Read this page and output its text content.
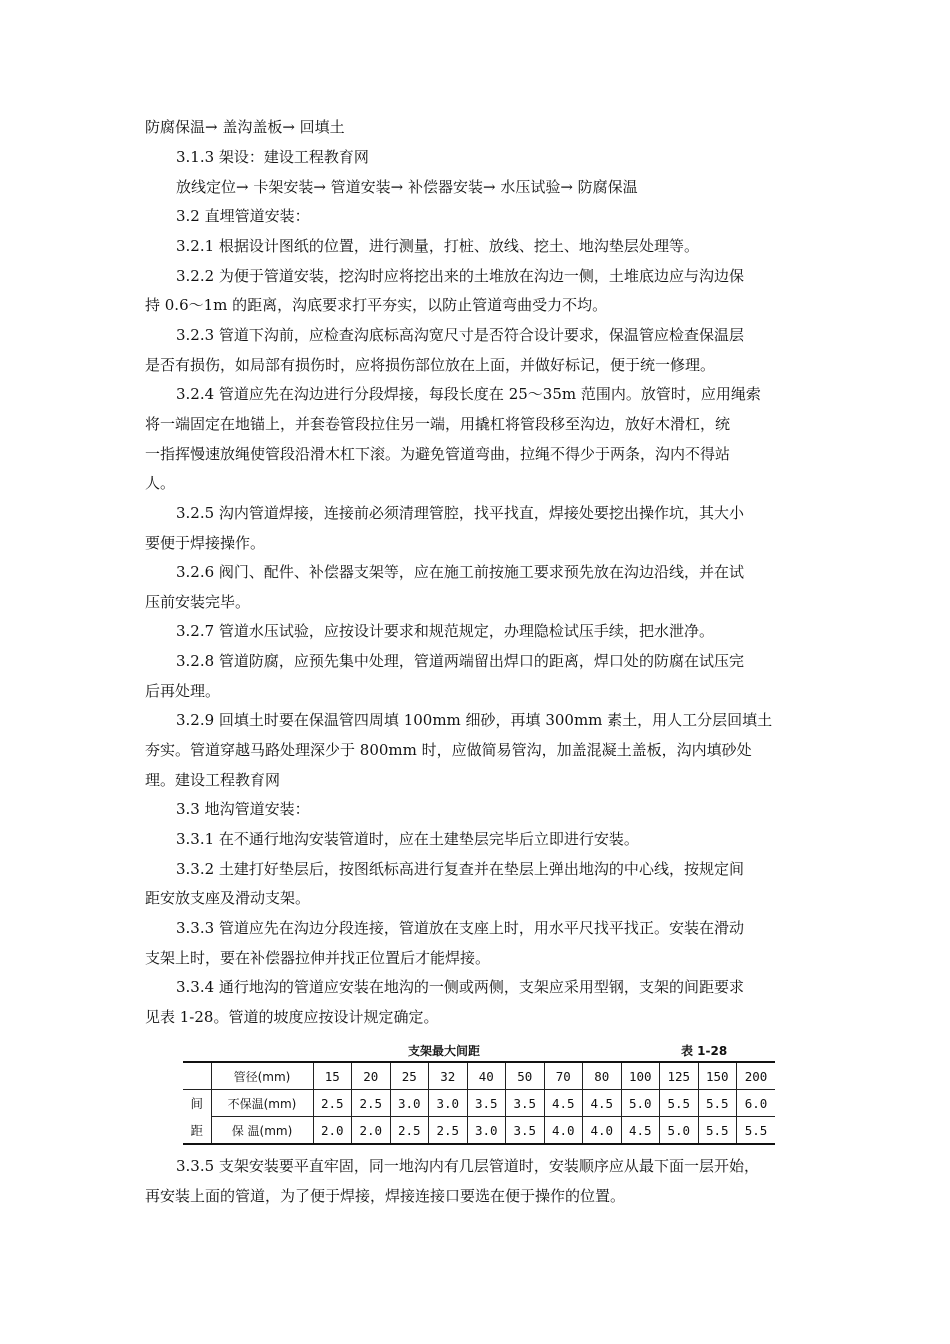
防腐保温→ 盖沟盖板→ 回填土
3.1.3 架设：建设工程教育网
放线定位→ 卡架安装→ 管道安装→ 补偿器安装→ 水压试验→ 防腐保温
3.2 直埋管道安装：
3.2.1 根据设计图纸的位置，进行测量，打桩、放线、挖土、地沟垫层处理等。
3.2.2 为便于管道安装，挖沟时应将挖出来的土堆放在沟边一侧，土堆底边应与沟边保
持 0.6～1m 的距离，沟底要求打平夯实，以防止管道弯曲受力不均。
3.2.3 管道下沟前，应检查沟底标高沟宽尺寸是否符合设计要求，保温管应检查保温层
是否有损伤，如局部有损伤时，应将损伤部位放在上面，并做好标记，便于统一修理。
3.2.4 管道应先在沟边进行分段焊接，每段长度在 25～35m 范围内。放管时，应用绳索
将一端固定在地锚上，并套卷管段拉住另一端，用撬杠将管段移至沟边，放好木滑杠，统
一指挥慢速放绳使管段沿滑木杠下滚。为避免管道弯曲，拉绳不得少于两条，沟内不得站
人。
3.2.5 沟内管道焊接，连接前必须清理管腔，找平找直，焊接处要挖出操作坑，其大小
要便于焊接操作。
3.2.6 阀门、配件、补偿器支架等，应在施工前按施工要求预先放在沟边沿线，并在试
压前安装完毕。
3.2.7 管道水压试验，应按设计要求和规范规定，办理隐检试压手续，把水泄净。
3.2.8 管道防腐，应预先集中处理，管道两端留出焊口的距离，焊口处的防腐在试压完
后再处理。
3.2.9 回填土时要在保温管四周填 100mm 细砂，再填 300mm 素土，用人工分层回填土
夯实。管道穿越马路处理深少于 800mm 时，应做简易管沟，加盖混凝土盖板，沟内填砂处
理。建设工程教育网
3.3 地沟管道安装：
3.3.1 在不通行地沟安装管道时，应在土建垫层完毕后立即进行安装。
3.3.2 土建打好垫层后，按图纸标高进行复查并在垫层上弹出地沟的中心线，按规定间
距安放支座及滑动支架。
3.3.3 管道应先在沟边分段连接，管道放在支座上时，用水平尺找平找正。安装在滑动
支架上时，要在补偿器拉伸并找正位置后才能焊接。
3.3.4 通行地沟的管道应安装在地沟的一侧或两侧，支架应采用型钢，支架的间距要求
见表 1-28。管道的坡度应按设计规定确定。
支架最大间距	表 1-28
	管径(mm)	15	20	25	32	40	50	70	80	100	125	150	200
间	不保温(mm)	2.5	2.5	3.0	3.0	3.5	3.5	4.5	4.5	5.0	5.5	5.5	6.0
距	保 温(mm)	2.0	2.0	2.5	2.5	3.0	3.5	4.0	4.0	4.5	5.0	5.5	5.5
3.3.5 支架安装要平直牢固，同一地沟内有几层管道时，安装顺序应从最下面一层开始，
再安装上面的管道，为了便于焊接，焊接连接口要选在便于操作的位置。
